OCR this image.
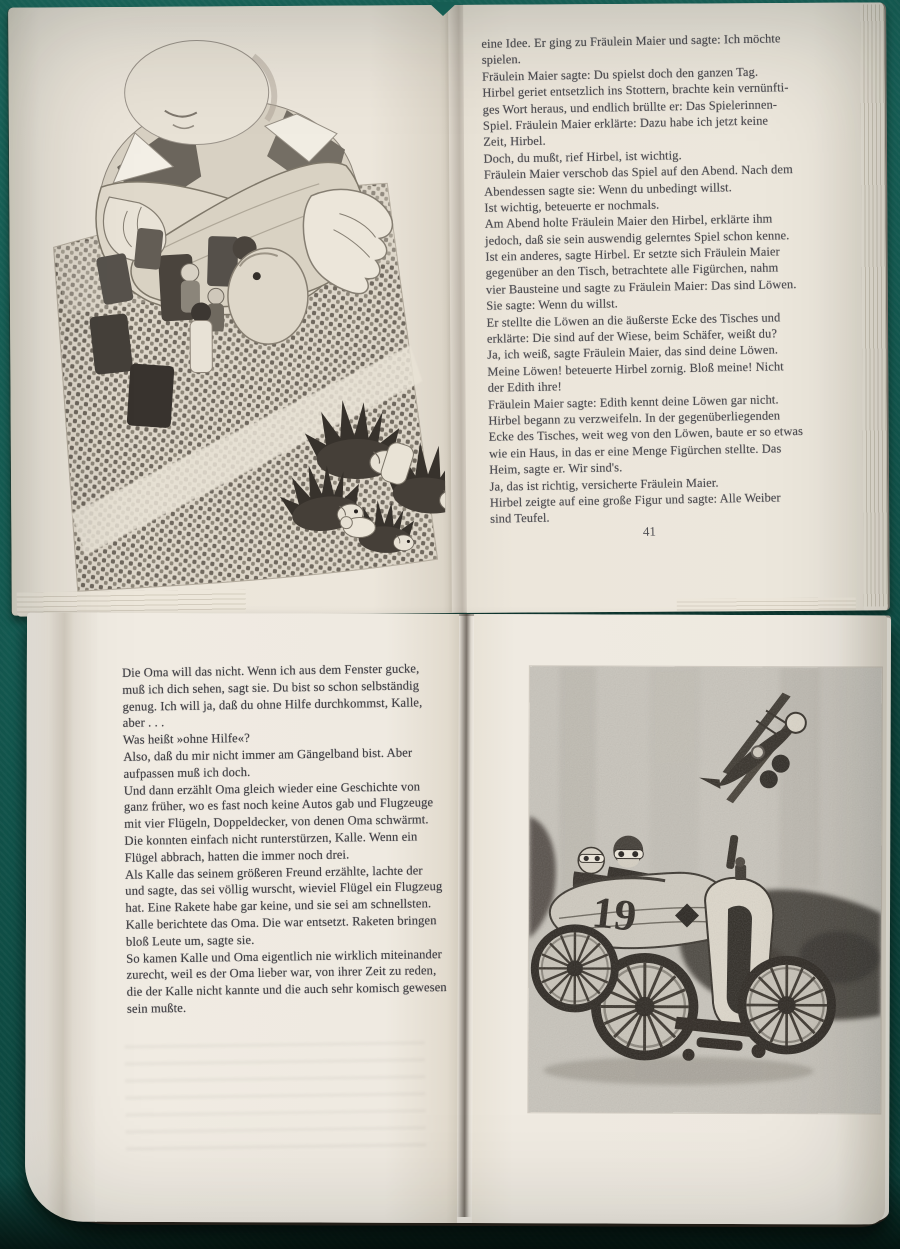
eine Idee. Er ging zu Fräulein Maier und sagte: Ich möchte
spielen.
Fräulein Maier sagte: Du spielst doch den ganzen Tag.
Hirbel geriet entsetzlich ins Stottern, brachte kein vernünfti-
ges Wort heraus, und endlich brüllte er: Das Spielerinnen-
Spiel. Fräulein Maier erklärte: Dazu habe ich jetzt keine
Zeit, Hirbel.
Doch, du mußt, rief Hirbel, ist wichtig.
Fräulein Maier verschob das Spiel auf den Abend. Nach dem
Abendessen sagte sie: Wenn du unbedingt willst.
Ist wichtig, beteuerte er nochmals.
Am Abend holte Fräulein Maier den Hirbel, erklärte ihm
jedoch, daß sie sein auswendig gelerntes Spiel schon kenne.
Ist ein anderes, sagte Hirbel. Er setzte sich Fräulein Maier
gegenüber an den Tisch, betrachtete alle Figürchen, nahm
vier Bausteine und sagte zu Fräulein Maier: Das sind Löwen.
Sie sagte: Wenn du willst.
Er stellte die Löwen an die äußerste Ecke des Tisches und
erklärte: Die sind auf der Wiese, beim Schäfer, weißt du?
Ja, ich weiß, sagte Fräulein Maier, das sind deine Löwen.
Meine Löwen! beteuerte Hirbel zornig. Bloß meine! Nicht
der Edith ihre!
Fräulein Maier sagte: Edith kennt deine Löwen gar nicht.
Hirbel begann zu verzweifeln. In der gegenüberliegenden
Ecke des Tisches, weit weg von den Löwen, baute er so etwas
wie ein Haus, in das er eine Menge Figürchen stellte. Das
Heim, sagte er. Wir sind's.
Ja, das ist richtig, versicherte Fräulein Maier.
Hirbel zeigte auf eine große Figur und sagte: Alle Weiber
sind Teufel.
41
Die Oma will das nicht. Wenn ich aus dem Fenster gucke,
muß ich dich sehen, sagt sie. Du bist so schon selbständig
genug. Ich will ja, daß du ohne Hilfe durchkommst, Kalle,
aber . . .
Was heißt »ohne Hilfe«?
Also, daß du mir nicht immer am Gängelband bist. Aber
aufpassen muß ich doch.
Und dann erzählt Oma gleich wieder eine Geschichte von
ganz früher, wo es fast noch keine Autos gab und Flugzeuge
mit vier Flügeln, Doppeldecker, von denen Oma schwärmt.
Die konnten einfach nicht runterstürzen, Kalle. Wenn ein
Flügel abbrach, hatten die immer noch drei.
Als Kalle das seinem größeren Freund erzählte, lachte der
und sagte, das sei völlig wurscht, wieviel Flügel ein Flugzeug
hat. Eine Rakete habe gar keine, und sie sei am schnellsten.
Kalle berichtete das Oma. Die war entsetzt. Raketen bringen
bloß Leute um, sagte sie.
So kamen Kalle und Oma eigentlich nie wirklich miteinander
zurecht, weil es der Oma lieber war, von ihrer Zeit zu reden,
die der Kalle nicht kannte und die auch sehr komisch gewesen
sein mußte.
